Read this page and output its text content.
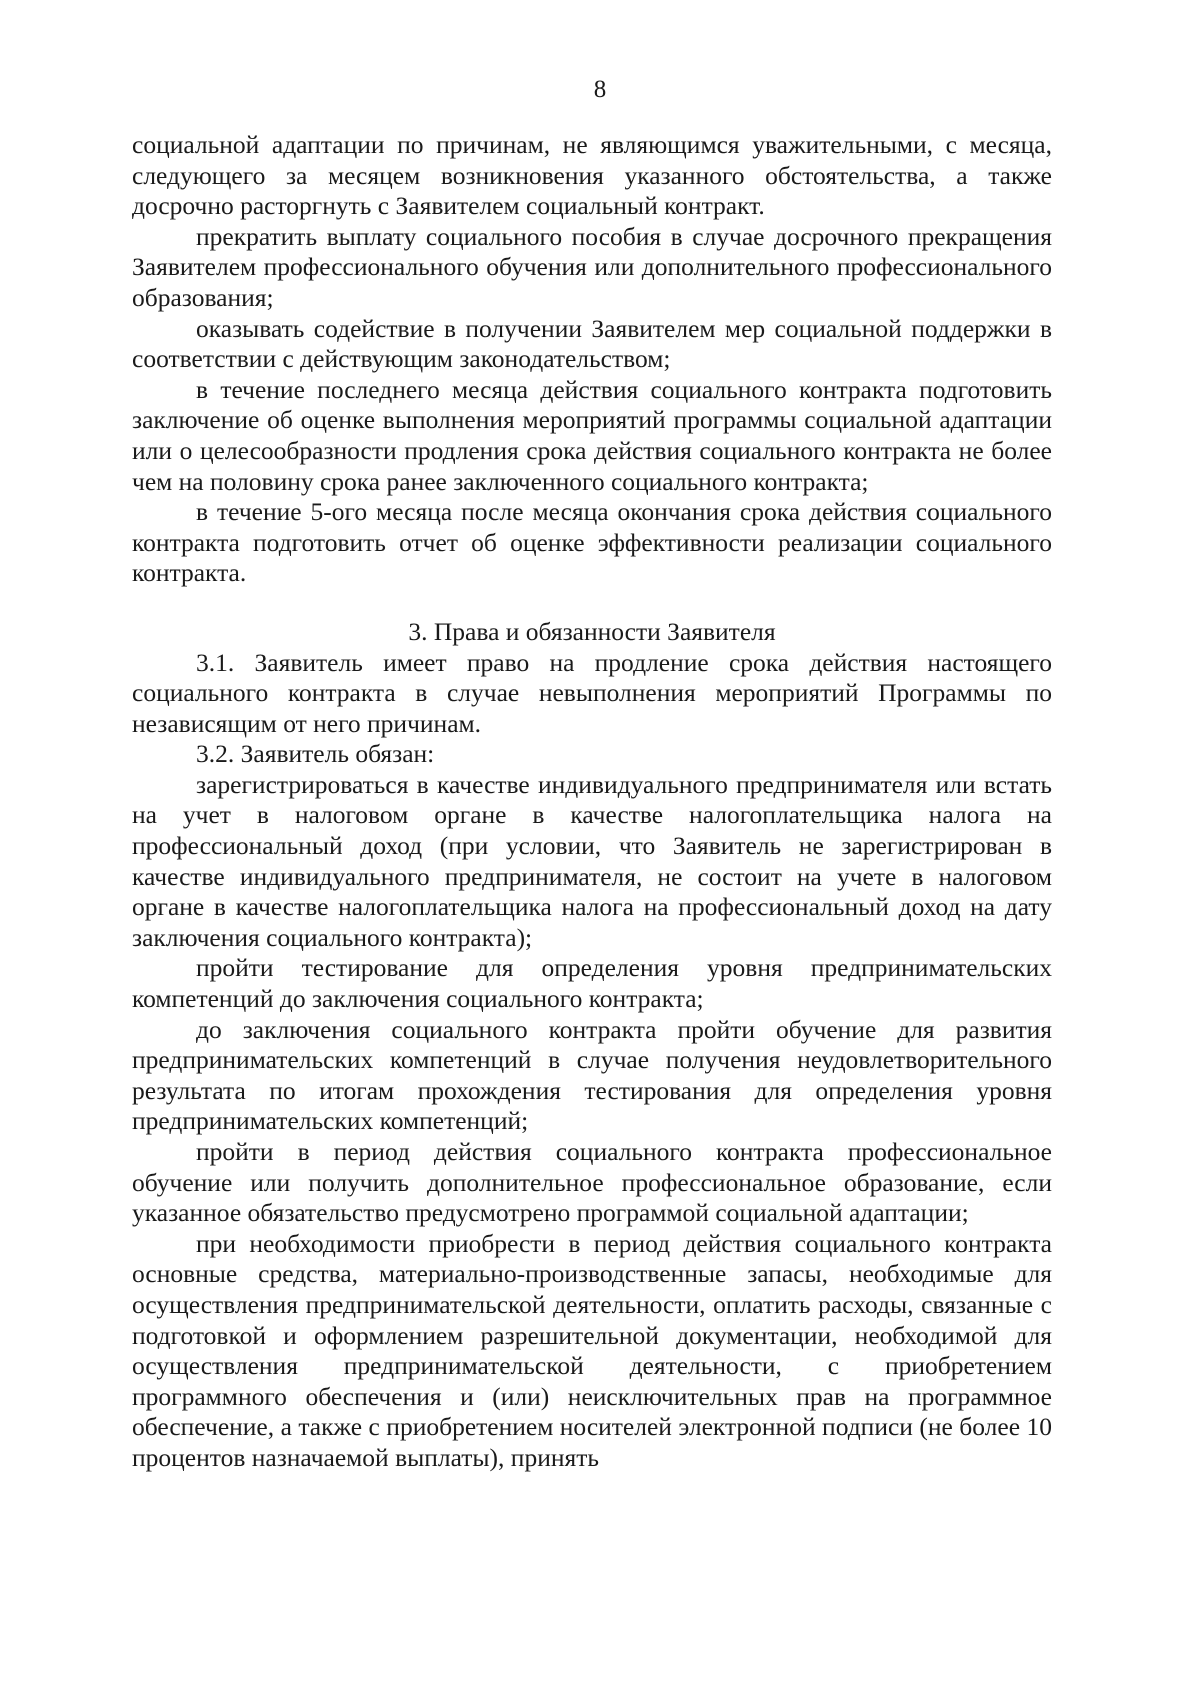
8

социальной адаптации по причинам, не являющимся уважительными, с месяца, следующего за месяцем возникновения указанного обстоятельства, а также досрочно расторгнуть с Заявителем социальный контракт.

прекратить выплату социального пособия в случае досрочного прекращения Заявителем профессионального обучения или дополнительного профессионального образования;

оказывать содействие в получении Заявителем мер социальной поддержки в соответствии с действующим законодательством;

в течение последнего месяца действия социального контракта подготовить заключение об оценке выполнения мероприятий программы социальной адаптации или о целесообразности продления срока действия социального контракта не более чем на половину срока ранее заключенного социального контракта;

в течение 5-ого месяца после месяца окончания срока действия социального контракта подготовить отчет об оценке эффективности реализации социального контракта.

3. Права и обязанности Заявителя

3.1. Заявитель имеет право на продление срока действия настоящего социального контракта в случае невыполнения мероприятий Программы по независящим от него причинам.

3.2. Заявитель обязан:

зарегистрироваться в качестве индивидуального предпринимателя или встать на учет в налоговом органе в качестве налогоплательщика налога на профессиональный доход (при условии, что Заявитель не зарегистрирован в качестве индивидуального предпринимателя, не состоит на учете в налоговом органе в качестве налогоплательщика налога на профессиональный доход на дату заключения социального контракта);

пройти тестирование для определения уровня предпринимательских компетенций до заключения социального контракта;

до заключения социального контракта пройти обучение для развития предпринимательских компетенций в случае получения неудовлетворительного результата по итогам прохождения тестирования для определения уровня предпринимательских компетенций;

пройти в период действия социального контракта профессиональное обучение или получить дополнительное профессиональное образование, если указанное обязательство предусмотрено программой социальной адаптации;

при необходимости приобрести в период действия социального контракта основные средства, материально-производственные запасы, необходимые для осуществления предпринимательской деятельности, оплатить расходы, связанные с подготовкой и оформлением разрешительной документации, необходимой для осуществления предпринимательской деятельности, с приобретением программного обеспечения и (или) неисключительных прав на программное обеспечение, а также с приобретением носителей электронной подписи (не более 10 процентов назначаемой выплаты), принять
